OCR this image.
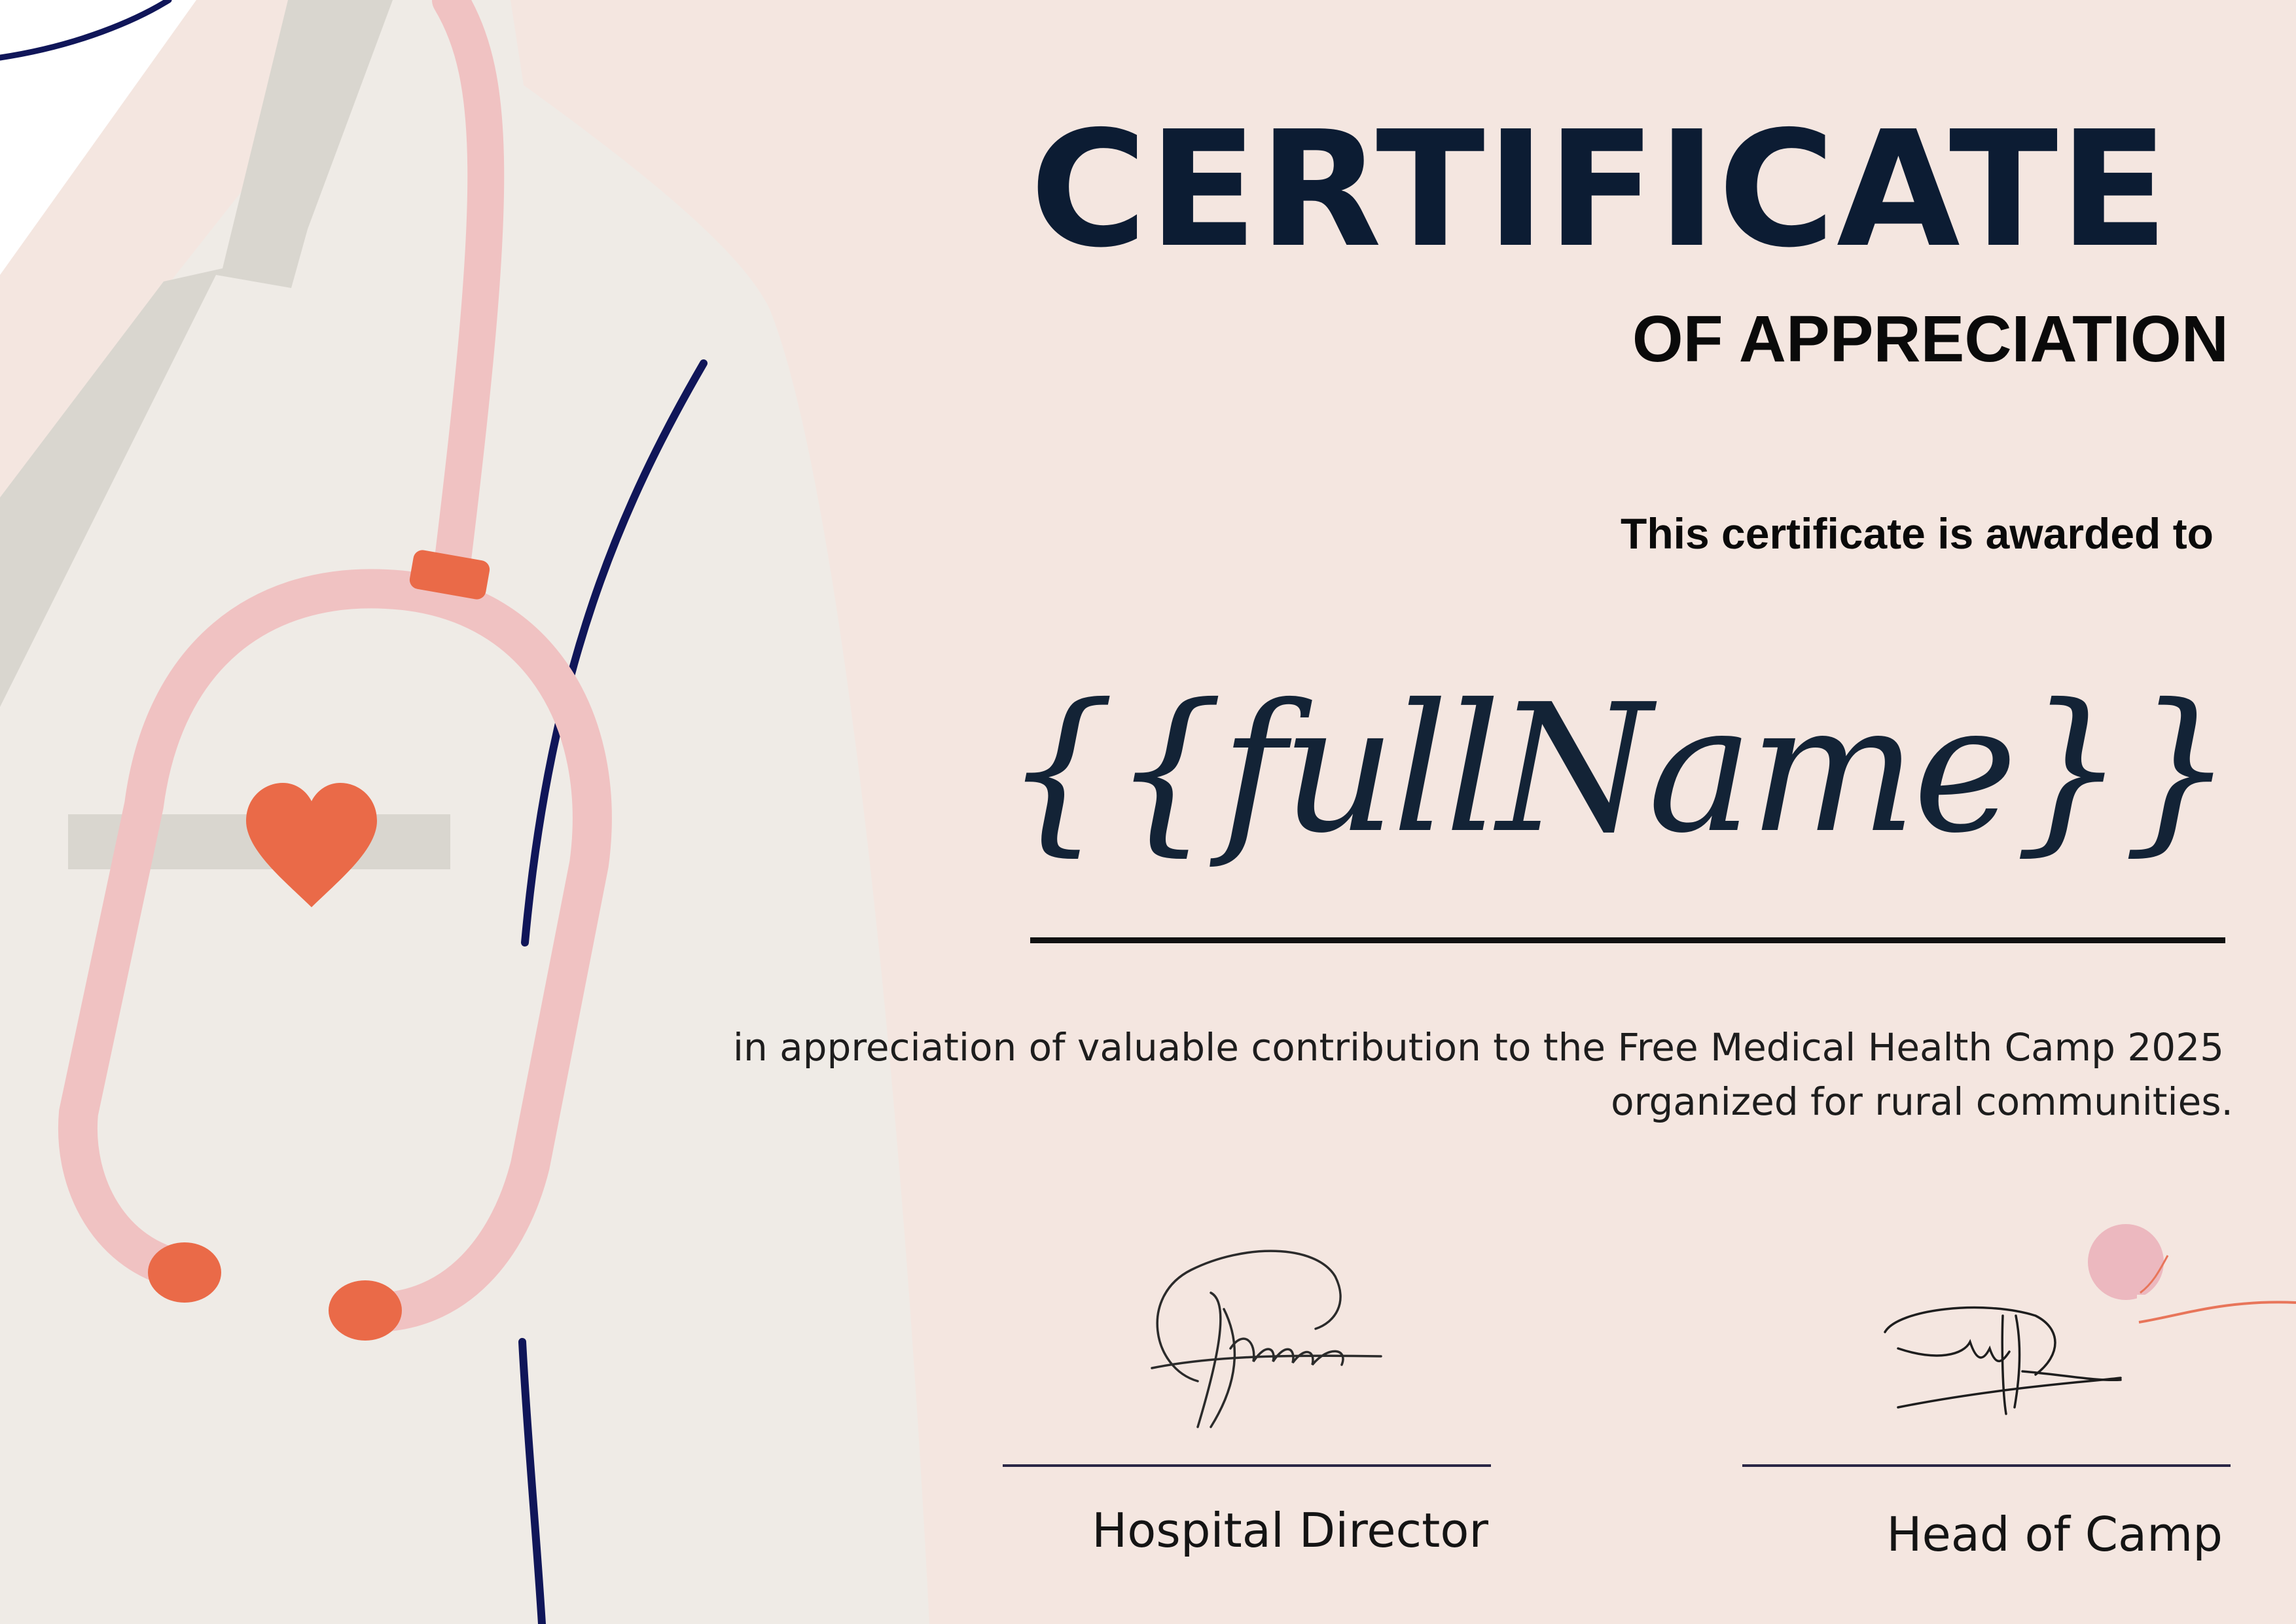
CERTIFICATE
OF APPRECIATION
This certificate is awarded to
{{fullName}}
in appreciation of valuable contribution to the Free Medical Health Camp 2025
organized for rural communities.
Hospital Director	Head of Camp
